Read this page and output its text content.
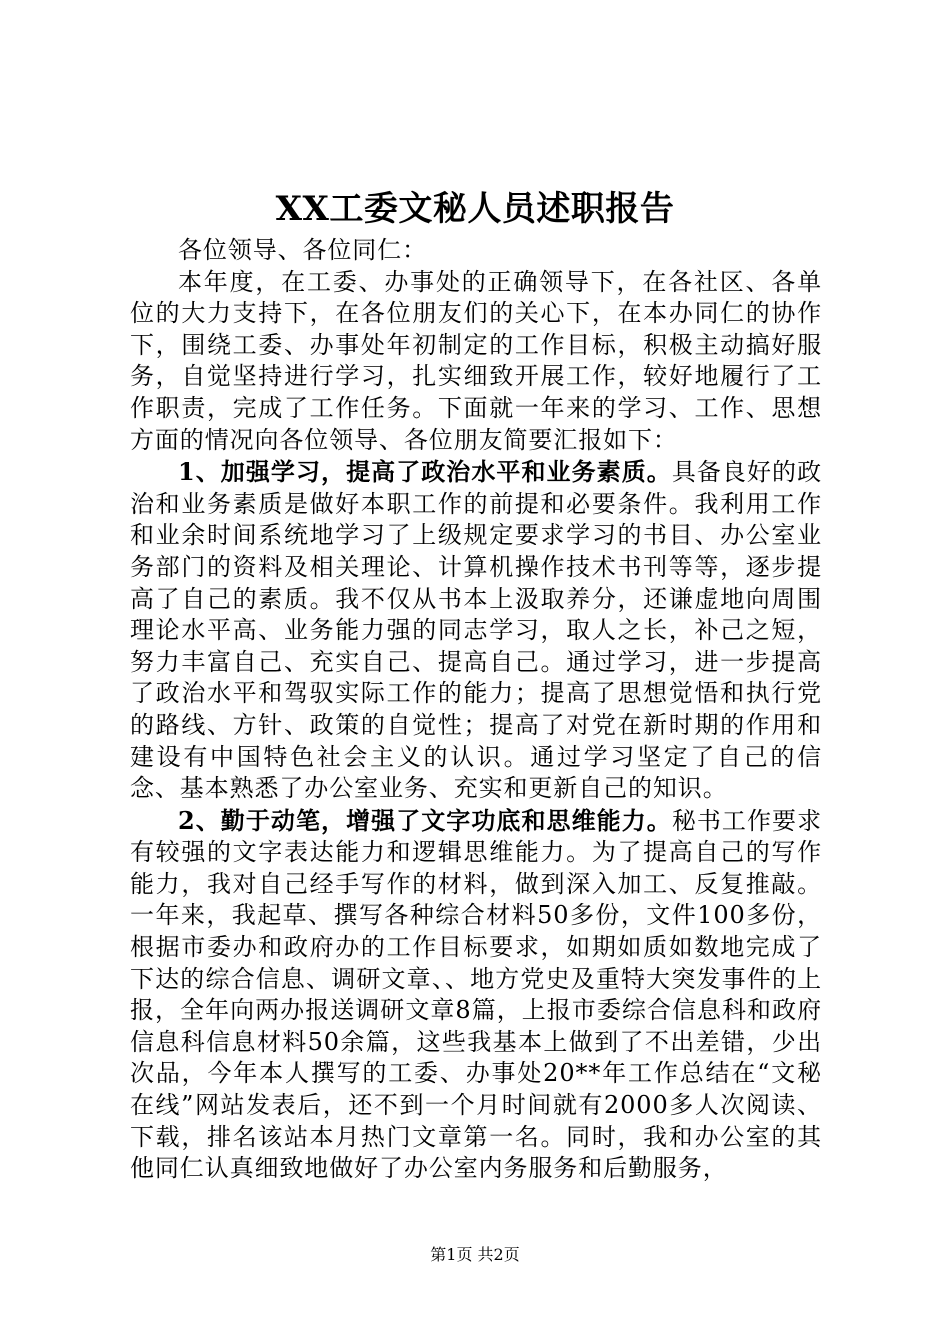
XX工委文秘人员述职报告

各位领导、各位同仁：

本年度，在工委、办事处的正确领导下，在各社区、各单位的大力支持下，在各位朋友们的关心下，在本办同仁的协作下，围绕工委、办事处年初制定的工作目标，积极主动搞好服务，自觉坚持进行学习，扎实细致开展工作，较好地履行了工作职责，完成了工作任务。下面就一年来的学习、工作、思想方面的情况向各位领导、各位朋友简要汇报如下：

1、加强学习，提高了政治水平和业务素质。具备良好的政治和业务素质是做好本职工作的前提和必要条件。我利用工作和业余时间系统地学习了上级规定要求学习的书目、办公室业务部门的资料及相关理论、计算机操作技术书刊等等，逐步提高了自己的素质。我不仅从书本上汲取养分，还谦虚地向周围理论水平高、业务能力强的同志学习，取人之长，补己之短，努力丰富自己、充实自己、提高自己。通过学习，进一步提高了政治水平和驾驭实际工作的能力；提高了思想觉悟和执行党的路线、方针、政策的自觉性；提高了对党在新时期的作用和建设有中国特色社会主义的认识。通过学习坚定了自己的信念、基本熟悉了办公室业务、充实和更新自己的知识。

2、勤于动笔，增强了文字功底和思维能力。秘书工作要求有较强的文字表达能力和逻辑思维能力。为了提高自己的写作能力，我对自己经手写作的材料，做到深入加工、反复推敲。一年来，我起草、撰写各种综合材料50多份，文件100多份，根据市委办和政府办的工作目标要求，如期如质如数地完成了下达的综合信息、调研文章、、地方党史及重特大突发事件的上报，全年向两办报送调研文章8篇，上报市委综合信息科和政府信息科信息材料50余篇，这些我基本上做到了不出差错，少出次品，今年本人撰写的工委、办事处20**年工作总结在“文秘在线”网站发表后，还不到一个月时间就有2000多人次阅读、下载，排名该站本月热门文章第一名。同时，我和办公室的其他同仁认真细致地做好了办公室内务服务和后勤服务，

第1页 共2页
